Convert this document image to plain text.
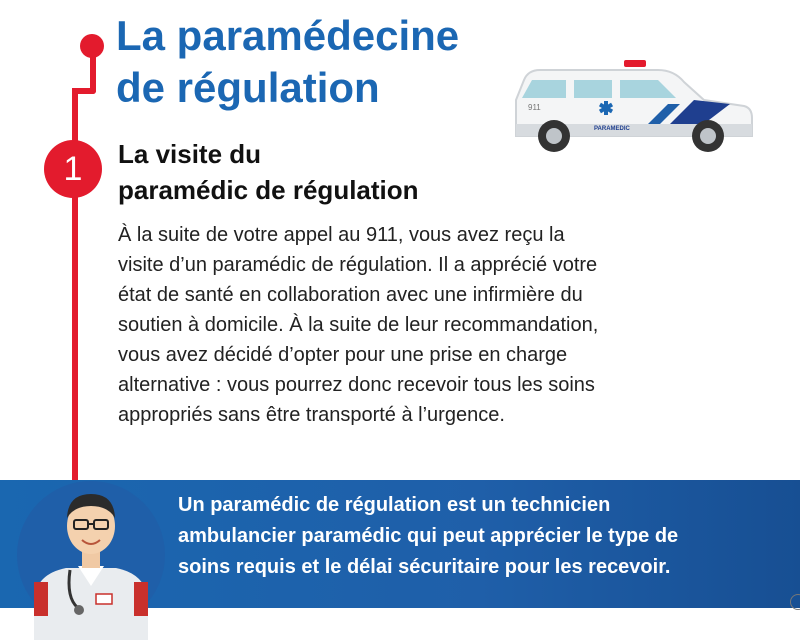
1
La paramédecine
de régulation
La visite du
paramédic de régulation

À la suite de votre appel au 911, vous avez reçu la
visite d’un paramédic de régulation. Il a apprécié votre
état de santé en collaboration avec une infirmière du
soutien à domicile. À la suite de leur recommandation,
vous avez décidé d’opter pour une prise en charge
alternative : vous pourrez donc recevoir tous les soins
appropriés sans être transporté à l’urgence.

911
PARAMEDIC

Un paramédic de régulation est un technicien
ambulancier paramédic qui peut apprécier le type de
soins requis et le délai sécuritaire pour les recevoir.
